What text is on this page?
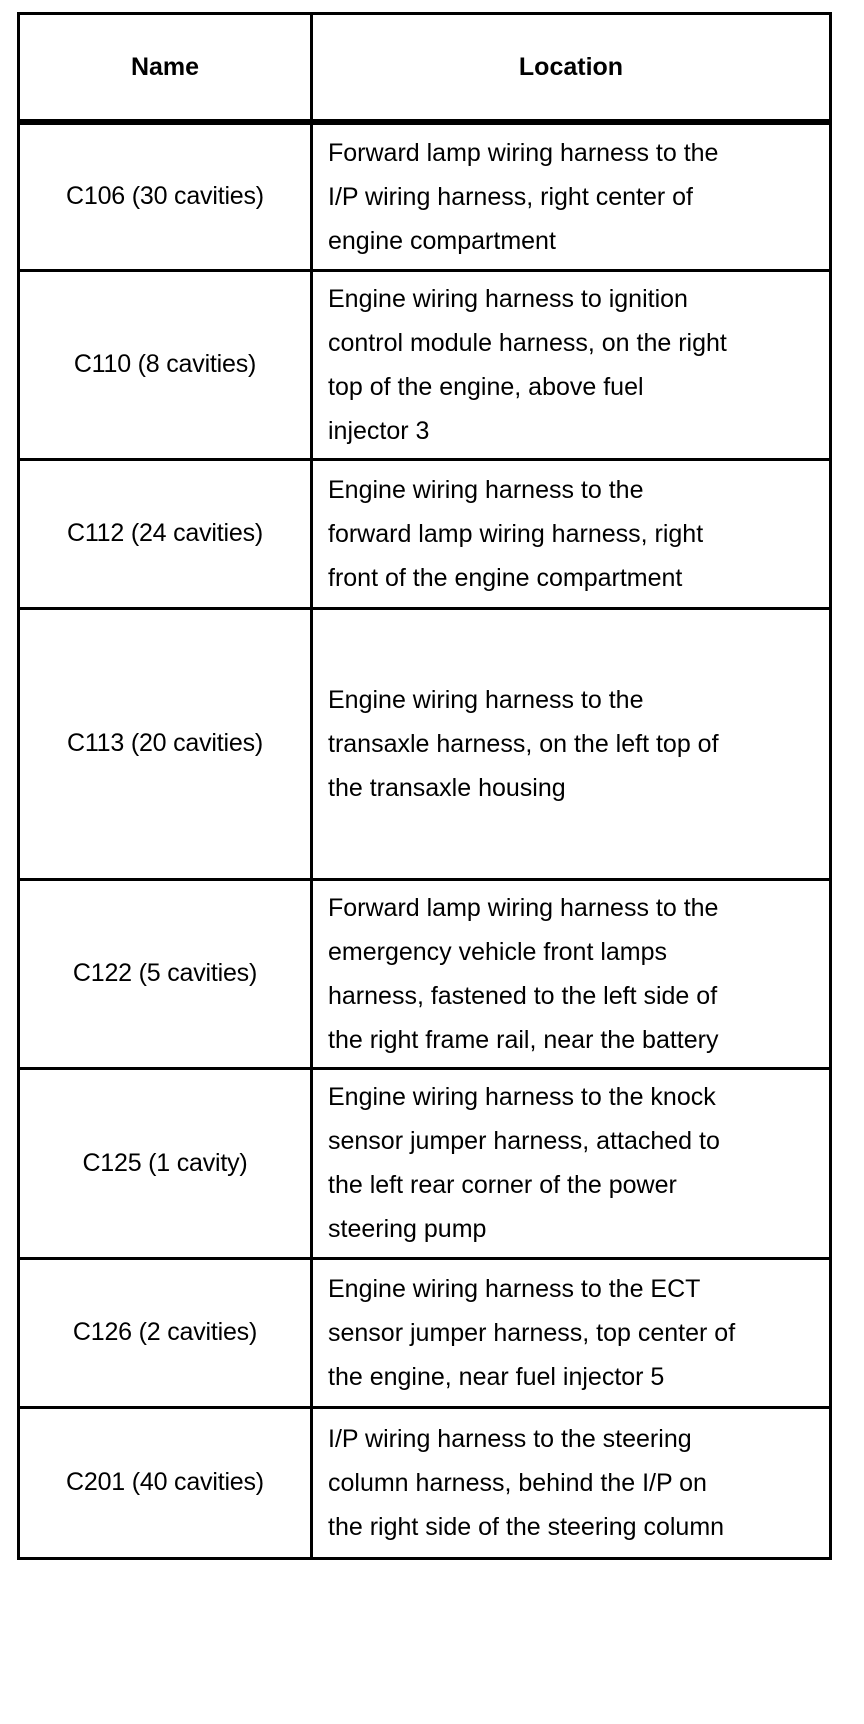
Name	Location
C106 (30 cavities)	Forward lamp wiring harness to the
I/P wiring harness, right center of
engine compartment

C110 (8 cavities)	Engine wiring harness to ignition
control module harness, on the right
top of the engine, above fuel
injector 3

C112 (24 cavities)	Engine wiring harness to the
forward lamp wiring harness, right
front of the engine compartment

C113 (20 cavities)	Engine wiring harness to the
transaxle harness, on the left top of
the transaxle housing

C122 (5 cavities)	Forward lamp wiring harness to the
emergency vehicle front lamps
harness, fastened to the left side of
the right frame rail, near the battery

C125 (1 cavity)	Engine wiring harness to the knock
sensor jumper harness, attached to
the left rear corner of the power
steering pump

C126 (2 cavities)	Engine wiring harness to the ECT
sensor jumper harness, top center of
the engine, near fuel injector 5

C201 (40 cavities)	I/P wiring harness to the steering
column harness, behind the I/P on
the right side of the steering column
